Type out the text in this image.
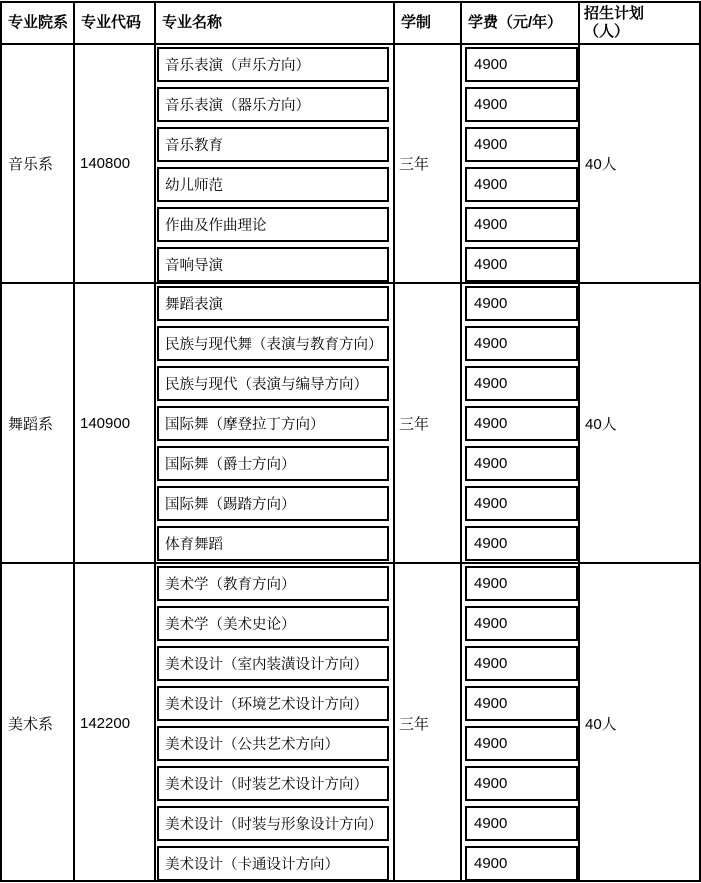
专业院系 专业代码 专业名称	学制 学费（元/年）
招生计划
（人）
音乐系 140800
音乐表演（声乐方向）
音乐表演（器乐方向）
音乐教育
幼儿师范
作曲及作曲理论
音响导演
三年
4900
4900
4900
4900
4900
4900
40人
舞蹈系 140900
舞蹈表演
民族与现代舞（表演与教育方向）
民族与现代（表演与编导方向）
国际舞（摩登拉丁方向）
国际舞（爵士方向）
国际舞（踢踏方向）
体育舞蹈
三年
4900
4900
4900
4900
4900
4900
4900
40人
美术系 142200
美术学（教育方向）
美术学（美术史论）
美术设计（室内装潢设计方向）
美术设计（环境艺术设计方向）
美术设计（公共艺术方向）
美术设计（时装艺术设计方向）
美术设计（时装与形象设计方向）
美术设计（卡通设计方向）
三年
4900
4900
4900
4900
4900
4900
4900
4900
40人
